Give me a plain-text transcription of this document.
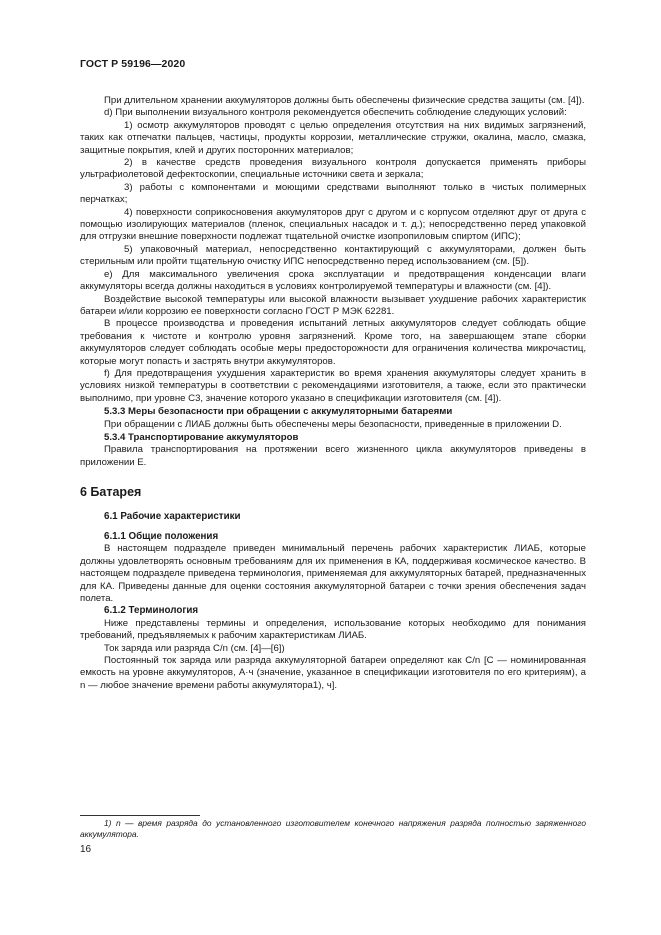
ГОСТ Р 59196—2020

При длительном хранении аккумуляторов должны быть обеспечены физические средства защиты (см. [4]).

d) При выполнении визуального контроля рекомендуется обеспечить соблюдение следующих условий:

1) осмотр аккумуляторов проводят с целью определения отсутствия на них видимых загрязнений, таких как отпечатки пальцев, частицы, продукты коррозии, металлические стружки, окалина, масло, смазка, защитные покрытия, клей и других посторонних материалов;

2) в качестве средств проведения визуального контроля допускается применять приборы ультрафиолетовой дефектоскопии, специальные источники света и зеркала;

3) работы с компонентами и моющими средствами выполняют только в чистых полимерных перчатках;

4) поверхности соприкосновения аккумуляторов друг с другом и с корпусом отделяют друг от друга с помощью изолирующих материалов (пленок, специальных насадок и т. д.); непосредственно перед упаковкой для отгрузки внешние поверхности подлежат тщательной очистке изопропиловым спиртом (ИПС);

5) упаковочный материал, непосредственно контактирующий с аккумуляторами, должен быть стерильным или пройти тщательную очистку ИПС непосредственно перед использованием (см. [5]).

е) Для максимального увеличения срока эксплуатации и предотвращения конденсации влаги аккумуляторы всегда должны находиться в условиях контролируемой температуры и влажности (см. [4]).

Воздействие высокой температуры или высокой влажности вызывает ухудшение рабочих характеристик батареи и/или коррозию ее поверхности согласно ГОСТ Р МЭК 62281.

В процессе производства и проведения испытаний летных аккумуляторов следует соблюдать общие требования к чистоте и контролю уровня загрязнений. Кроме того, на завершающем этапе сборки аккумуляторов следует соблюдать особые меры предосторожности для ограничения количества микрочастиц, которые могут попасть и застрять внутри аккумуляторов.

f) Для предотвращения ухудшения характеристик во время хранения аккумуляторы следует хранить в условиях низкой температуры в соответствии с рекомендациями изготовителя, а также, если это практически выполнимо, при уровне С3, значение которого указано в спецификации изготовителя (см. [4]).

5.3.3 Меры безопасности при обращении с аккумуляторными батареями

При обращении с ЛИАБ должны быть обеспечены меры безопасности, приведенные в приложении D.

5.3.4 Транспортирование аккумуляторов

Правила транспортирования на протяжении всего жизненного цикла аккумуляторов приведены в приложении Е.

6 Батарея
6.1 Рабочие характеристики
6.1.1 Общие положения

В настоящем подразделе приведен минимальный перечень рабочих характеристик ЛИАБ, которые должны удовлетворять основным требованиям для их применения в КА, поддерживая космическое качество. В настоящем подразделе приведена терминология, применяемая для аккумуляторных батарей, предназначенных для КА. Приведены данные для оценки состояния аккумуляторной батареи с точки зрения обеспечения задач полета.

6.1.2 Терминология

Ниже представлены термины и определения, использование которых необходимо для понимания требований, предъявляемых к рабочим характеристикам ЛИАБ.

Ток заряда или разряда C/n (см. [4]—[6])

Постоянный ток заряда или разряда аккумуляторной батареи определяют как C/n [C — номинированная емкость на уровне аккумуляторов, А·ч (значение, указанное в спецификации изготовителя по его критериям), а n — любое значение времени работы аккумулятора1), ч].

1) n — время разряда до установленного изготовителем конечного напряжения разряда полностью заряженного аккумулятора.
16
